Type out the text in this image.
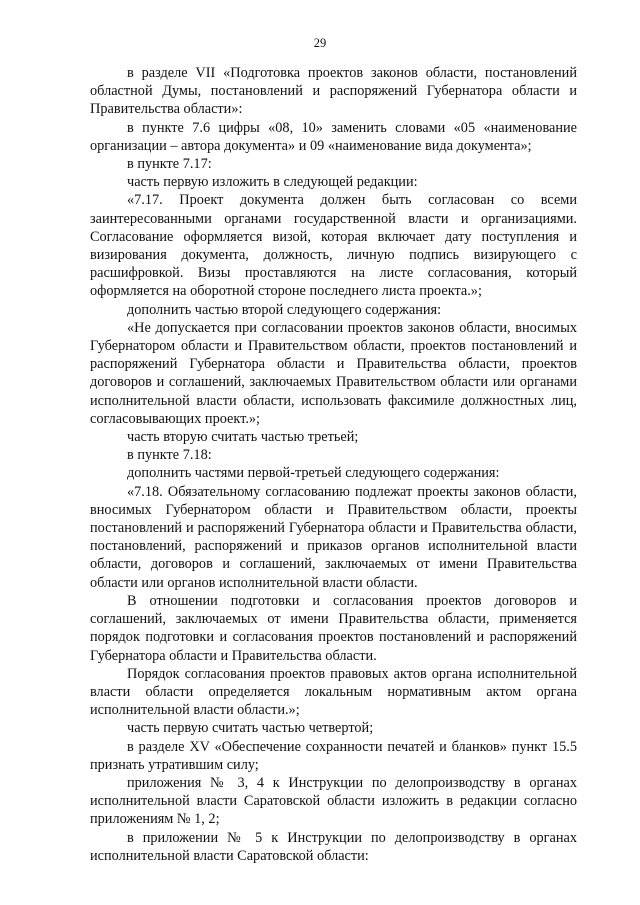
29

в разделе VII «Подготовка проектов законов области, постановлений областной Думы, постановлений и распоряжений Губернатора области и Правительства области»:

в пункте 7.6 цифры «08, 10» заменить словами «05 «наименование организации – автора документа» и 09 «наименование вида документа»;

в пункте 7.17:

часть первую изложить в следующей редакции:

«7.17. Проект документа должен быть согласован со всеми заинтересованными органами государственной власти и организациями. Согласование оформляется визой, которая включает дату поступления и визирования документа, должность, личную подпись визирующего с расшифровкой. Визы проставляются на листе согласования, который оформляется на оборотной стороне последнего листа проекта.»;

дополнить частью второй следующего содержания:

«Не допускается при согласовании проектов законов области, вносимых Губернатором области и Правительством области, проектов постановлений и распоряжений Губернатора области и Правительства области, проектов договоров и соглашений, заключаемых Правительством области или органами исполнительной власти области, использовать факсимиле должностных лиц, согласовывающих проект.»;

часть вторую считать частью третьей;

в пункте 7.18:

дополнить частями первой-третьей следующего содержания:

«7.18. Обязательному согласованию подлежат проекты законов области, вносимых Губернатором области и Правительством области, проекты постановлений и распоряжений Губернатора области и Правительства области, постановлений, распоряжений и приказов органов исполнительной власти области, договоров и соглашений, заключаемых от имени Правительства области или органов исполнительной власти области.

В отношении подготовки и согласования проектов договоров и соглашений, заключаемых от имени Правительства области, применяется порядок подготовки и согласования проектов постановлений и распоряжений Губернатора области и Правительства области.

Порядок согласования проектов правовых актов органа исполнительной власти области определяется локальным нормативным актом органа исполнительной власти области.»;

часть первую считать частью четвертой;

в разделе XV «Обеспечение сохранности печатей и бланков» пункт 15.5 признать утратившим силу;

приложения № 3, 4 к Инструкции по делопроизводству в органах исполнительной власти Саратовской области изложить в редакции согласно приложениям № 1, 2;

в приложении № 5 к Инструкции по делопроизводству в органах исполнительной власти Саратовской области:
